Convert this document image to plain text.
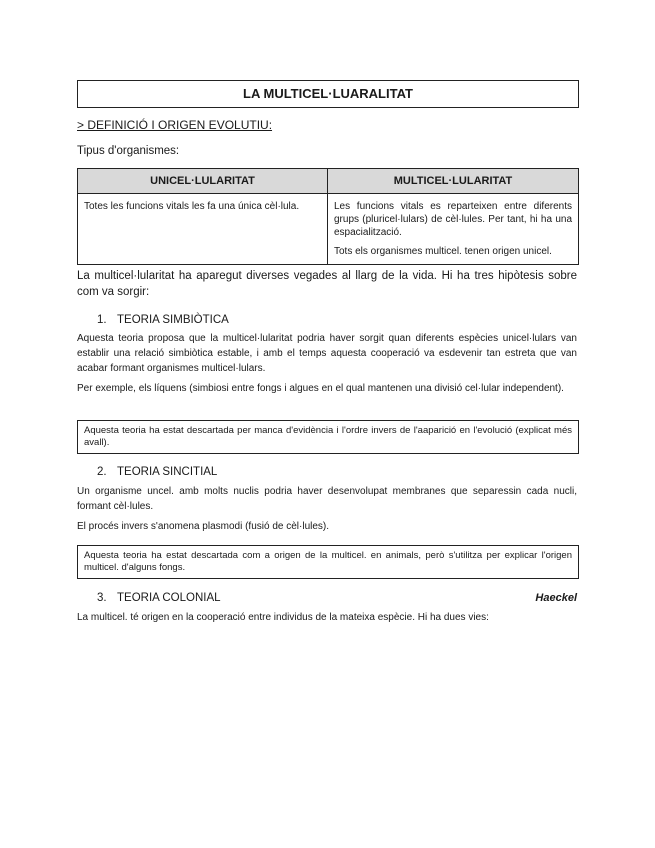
LA MULTICEL·LUARALITAT
> DEFINICIÓ I ORIGEN EVOLUTIU:
Tipus d'organismes:
UNICEL·LULARITAT	MULTICEL·LULARITAT

Totes les funcions vitals les fa una única cèl·lula.	Les funcions vitals es reparteixen entre diferents grups (pluricel·lulars) de cèl·lules. Per tant, hi ha una espacialització.

Tots els organismes multicel. tenen origen unicel.

La multicel·lularitat ha aparegut diverses vegades al llarg de la vida. Hi ha tres hipòtesis sobre com va sorgir:
1. TEORIA SIMBIÒTICA
Aquesta teoria proposa que la multicel·lularitat podria haver sorgit quan diferents espècies unicel·lulars van establir una relació simbiòtica estable, i amb el temps aquesta cooperació va esdevenir tan estreta que van acabar formant organismes multicel·lulars.
Per exemple, els líquens (simbiosi entre fongs i algues en el qual mantenen una divisió cel·lular independent).
Aquesta teoria ha estat descartada per manca d'evidència i l'ordre invers de l'aaparició en l'evolució (explicat més avall).
2. TEORIA SINCITIAL
Un organisme uncel. amb molts nuclis podria haver desenvolupat membranes que separessin cada nucli, formant cèl·lules.
El procés invers s'anomena plasmodi (fusió de cèl·lules).
Aquesta teoria ha estat descartada com a origen de la multicel. en animals, però s'utilitza per explicar l'origen multicel. d'alguns fongs.
3. TEORIA COLONIAL	Haeckel
La multicel. té origen en la cooperació entre individus de la mateixa espècie. Hi ha dues vies:
